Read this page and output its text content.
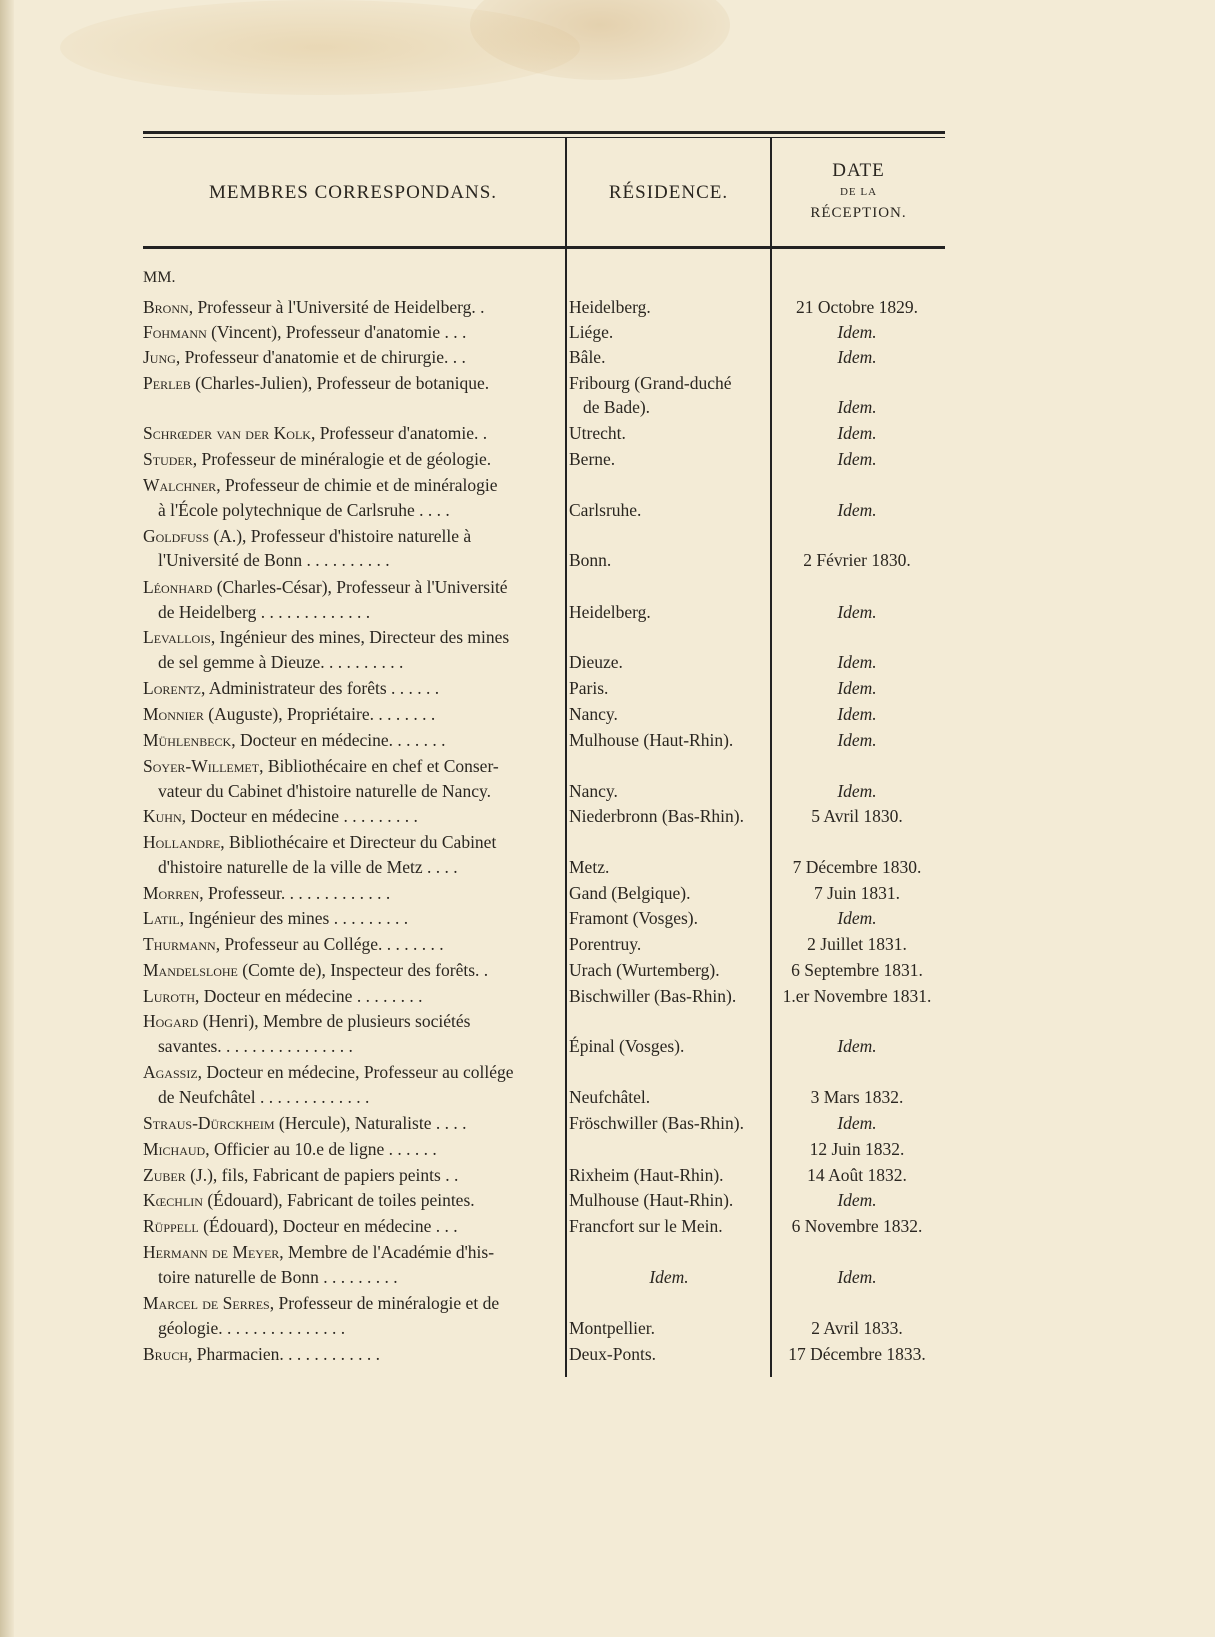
MEMBRES CORRESPONDANS.	RÉSIDENCE.
DATE
DE LA
RÉCEPTION.
MM.
Bronn, Professeur à l'Université de Heidelberg. .
Fohmann (Vincent), Professeur d'anatomie . . .
Jung, Professeur d'anatomie et de chirurgie. . .
Perleb (Charles-Julien), Professeur de botanique.
Schrœder van der Kolk, Professeur d'anatomie. .
Studer, Professeur de minéralogie et de géologie.
Walchner, Professeur de chimie et de minéralogie
à l'École polytechnique de Carlsruhe . . . .
Goldfuss (A.), Professeur d'histoire naturelle à
l'Université de Bonn . . . . . . . . . .
Léonhard (Charles-César), Professeur à l'Université
de Heidelberg . . . . . . . . . . . . .
Levallois, Ingénieur des mines, Directeur des mines
de sel gemme à Dieuze. . . . . . . . . .
Lorentz, Administrateur des forêts . . . . . .
Monnier (Auguste), Propriétaire. . . . . . . .
Mühlenbeck, Docteur en médecine. . . . . . .
Soyer-Willemet, Bibliothécaire en chef et Conser-
vateur du Cabinet d'histoire naturelle de Nancy.
Kuhn, Docteur en médecine . . . . . . . . .
Hollandre, Bibliothécaire et Directeur du Cabinet
d'histoire naturelle de la ville de Metz . . . .
Morren, Professeur. . . . . . . . . . . . .
Latil, Ingénieur des mines . . . . . . . . .
Thurmann, Professeur au Collége. . . . . . . .
Mandelslohe (Comte de), Inspecteur des forêts. .
Luroth, Docteur en médecine . . . . . . . .
Hogard (Henri), Membre de plusieurs sociétés
savantes. . . . . . . . . . . . . . . .
Agassiz, Docteur en médecine, Professeur au collége
de Neufchâtel . . . . . . . . . . . . .
Straus-Dürckheim (Hercule), Naturaliste . . . .
Michaud, Officier au 10.e de ligne . . . . . .
Zuber (J.), fils, Fabricant de papiers peints . .
Kœchlin (Édouard), Fabricant de toiles peintes.
Rüppell (Édouard), Docteur en médecine . . .
Hermann de Meyer, Membre de l'Académie d'his-
toire naturelle de Bonn . . . . . . . . .
Marcel de Serres, Professeur de minéralogie et de
géologie. . . . . . . . . . . . . . .
Bruch, Pharmacien. . . . . . . . . . . .
Heidelberg.
Liége.
Bâle.
Fribourg (Grand-duché
de Bade).
Utrecht.
Berne.
Carlsruhe.
Bonn.
Heidelberg.
Dieuze.
Paris.
Nancy.
Mulhouse (Haut-Rhin).
Nancy.
Niederbronn (Bas-Rhin).
Metz.
Gand (Belgique).
Framont (Vosges).
Porentruy.
Urach (Wurtemberg).
Bischwiller (Bas-Rhin).
Épinal (Vosges).
Neufchâtel.
Fröschwiller (Bas-Rhin).
Rixheim (Haut-Rhin).
Mulhouse (Haut-Rhin).
Francfort sur le Mein.
Idem.
Montpellier.
Deux-Ponts.
21 Octobre 1829.
Idem.
Idem.
Idem.
Idem.
Idem.
Idem.
2 Février 1830.
Idem.
Idem.
Idem.
Idem.
Idem.
Idem.
5 Avril 1830.
7 Décembre 1830.
7 Juin 1831.
Idem.
2 Juillet 1831.
6 Septembre 1831.
1.er Novembre 1831.
Idem.
3 Mars 1832.
Idem.
12 Juin 1832.
14 Août 1832.
Idem.
6 Novembre 1832.
Idem.
2 Avril 1833.
17 Décembre 1833.
